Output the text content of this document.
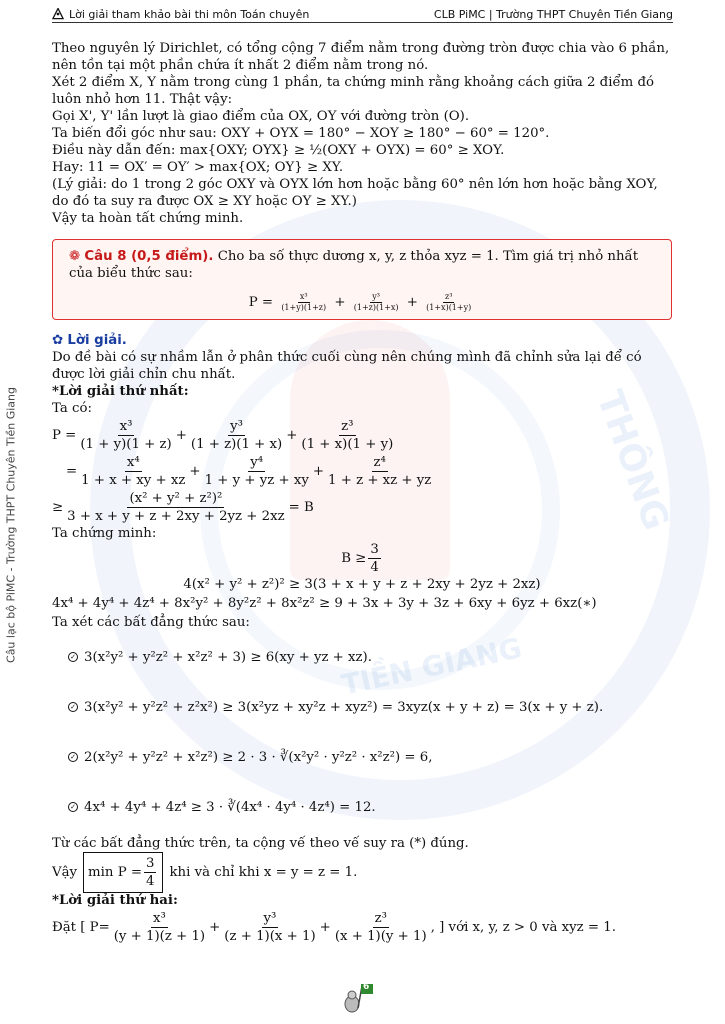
THÔNG
TIỀN GIANG
Lời giải tham khảo bài thi môn Toán chuyên	CLB PiMC | Trường THPT Chuyên Tiền Giang
Câu lạc bộ PiMC - Trường THPT Chuyên Tiền Giang

Theo nguyên lý Dirichlet, có tổng cộng 7 điểm nằm trong đường tròn được chia vào 6 phần, nên tồn tại một phần chứa ít nhất 2 điểm nằm trong nó.

Xét 2 điểm X, Y nằm trong cùng 1 phần, ta chứng minh rằng khoảng cách giữa 2 điểm đó luôn nhỏ hơn 11. Thật vậy:

Gọi X', Y' lần lượt là giao điểm của OX, OY với đường tròn (O).

Ta biến đổi góc như sau: OXY + OYX = 180° − XOY ≥ 180° − 60° = 120°.

Điều này dẫn đến: max{OXY; OYX} ≥ ½(OXY + OYX) = 60° ≥ XOY.

Hay: 11 = OX′ = OY′ > max{OX; OY} ≥ XY.

(Lý giải: do 1 trong 2 góc OXY và OYX lớn hơn hoặc bằng 60° nên lớn hơn hoặc bằng XOY, do đó ta suy ra được OX ≥ XY hoặc OY ≥ XY.)

Vậy ta hoàn tất chứng minh.

❁ Câu 8 (0,5 điểm). Cho ba số thực dương x, y, z thỏa xyz = 1. Tìm giá trị nhỏ nhất của biểu thức sau:

$P = \frac{\text{x³}}{(1+y)(1+z)} + \frac{\text{y³}}{(1+z)(1+x)} + \frac{\text{z³}}{(1+x)(1+y)}$

✿ Lời giải.

Do đề bài có sự nhầm lẫn ở phân thức cuối cùng nên chúng mình đã chỉnh sửa lại để có được lời giải chỉn chu nhất.

*Lời giải thứ nhất:

Ta có:

$P = \frac{\text{x³}}{(1 + y)(1 + z)} + \frac{\text{y³}}{(1 + z)(1 + x)} + \frac{\text{z³}}{(1 + x)(1 + y)}$
= $\frac{\text{x⁴}}{1 + x + xy + xz} + \frac{\text{y⁴}}{1 + y + yz + xy} + \frac{\text{z⁴}}{1 + z + xz + yz}$
≥ $\frac{\text{(x² + y² + z²)²}}{3 + x + y + z + 2xy + 2yz + 2xz} = B$

Ta chứng minh:

$B \ge \frac{3}{4}$

4(x² + y² + z²)² ≥ 3(3 + x + y + z + 2xy + 2yz + 2xz)

4x⁴ + 4y⁴ + 4z⁴ + 8x²y² + 8y²z² + 8x²z² ≥ 9 + 3x + 3y + 3z + 6xy + 6yz + 6xz(∗)

Ta xét các bất đẳng thức sau:

✓ 3(x²y² + y²z² + x²z² + 3) ≥ 6(xy + yz + xz).
✓ 3(x²y² + y²z² + z²x²) ≥ 3(x²yz + xy²z + xyz²) = 3xyz(x + y + z) = 3(x + y + z).
✓ 2(x²y² + y²z² + x²z²) ≥ 2 · 3 · ∛(x²y² · y²z² · x²z²) = 6,
✓ 4x⁴ + 4y⁴ + 4z⁴ ≥ 3 · ∛(4x⁴ · 4y⁴ · 4z⁴) = 12.

Từ các bất đẳng thức trên, ta cộng vế theo vế suy ra (*) đúng.

Vậy $\min P = \frac{3}{4}$ khi và chỉ khi x = y = z = 1.

*Lời giải thứ hai:

Đặt [ $P= \frac{\text{x³}}{(y + 1)(z + 1)} + \frac{\text{y³}}{(z + 1)(x + 1)} + \frac{\text{z³}}{(x + 1)(y + 1)}$ , ] với x, y, z > 0 và xyz = 1.
6
